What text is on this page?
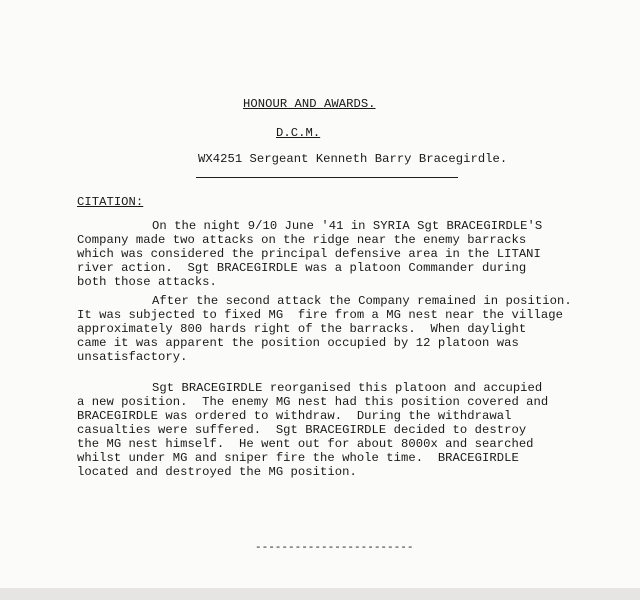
HONOUR AND AWARDS.
D.C.M.
WX4251 Sergeant Kenneth Barry Bracegirdle.
CITATION:
On the night 9/10 June '41 in SYRIA Sgt BRACEGIRDLE'S
Company made two attacks on the ridge near the enemy barracks
which was considered the principal defensive area in the LITANI
river action.  Sgt BRACEGIRDLE was a platoon Commander during
both those attacks.
After the second attack the Company remained in position.
It was subjected to fixed MG  fire from a MG nest near the village
approximately 800 hards right of the barracks.  When daylight
came it was apparent the position occupied by 12 platoon was
unsatisfactory.
Sgt BRACEGIRDLE reorganised this platoon and accupied
a new position.  The enemy MG nest had this position covered and
BRACEGIRDLE was ordered to withdraw.  During the withdrawal
casualties were suffered.  Sgt BRACEGIRDLE decided to destroy
the MG nest himself.  He went out for about 8000x and searched
whilst under MG and sniper fire the whole time.  BRACEGIRDLE
located and destroyed the MG position.
------------------------
